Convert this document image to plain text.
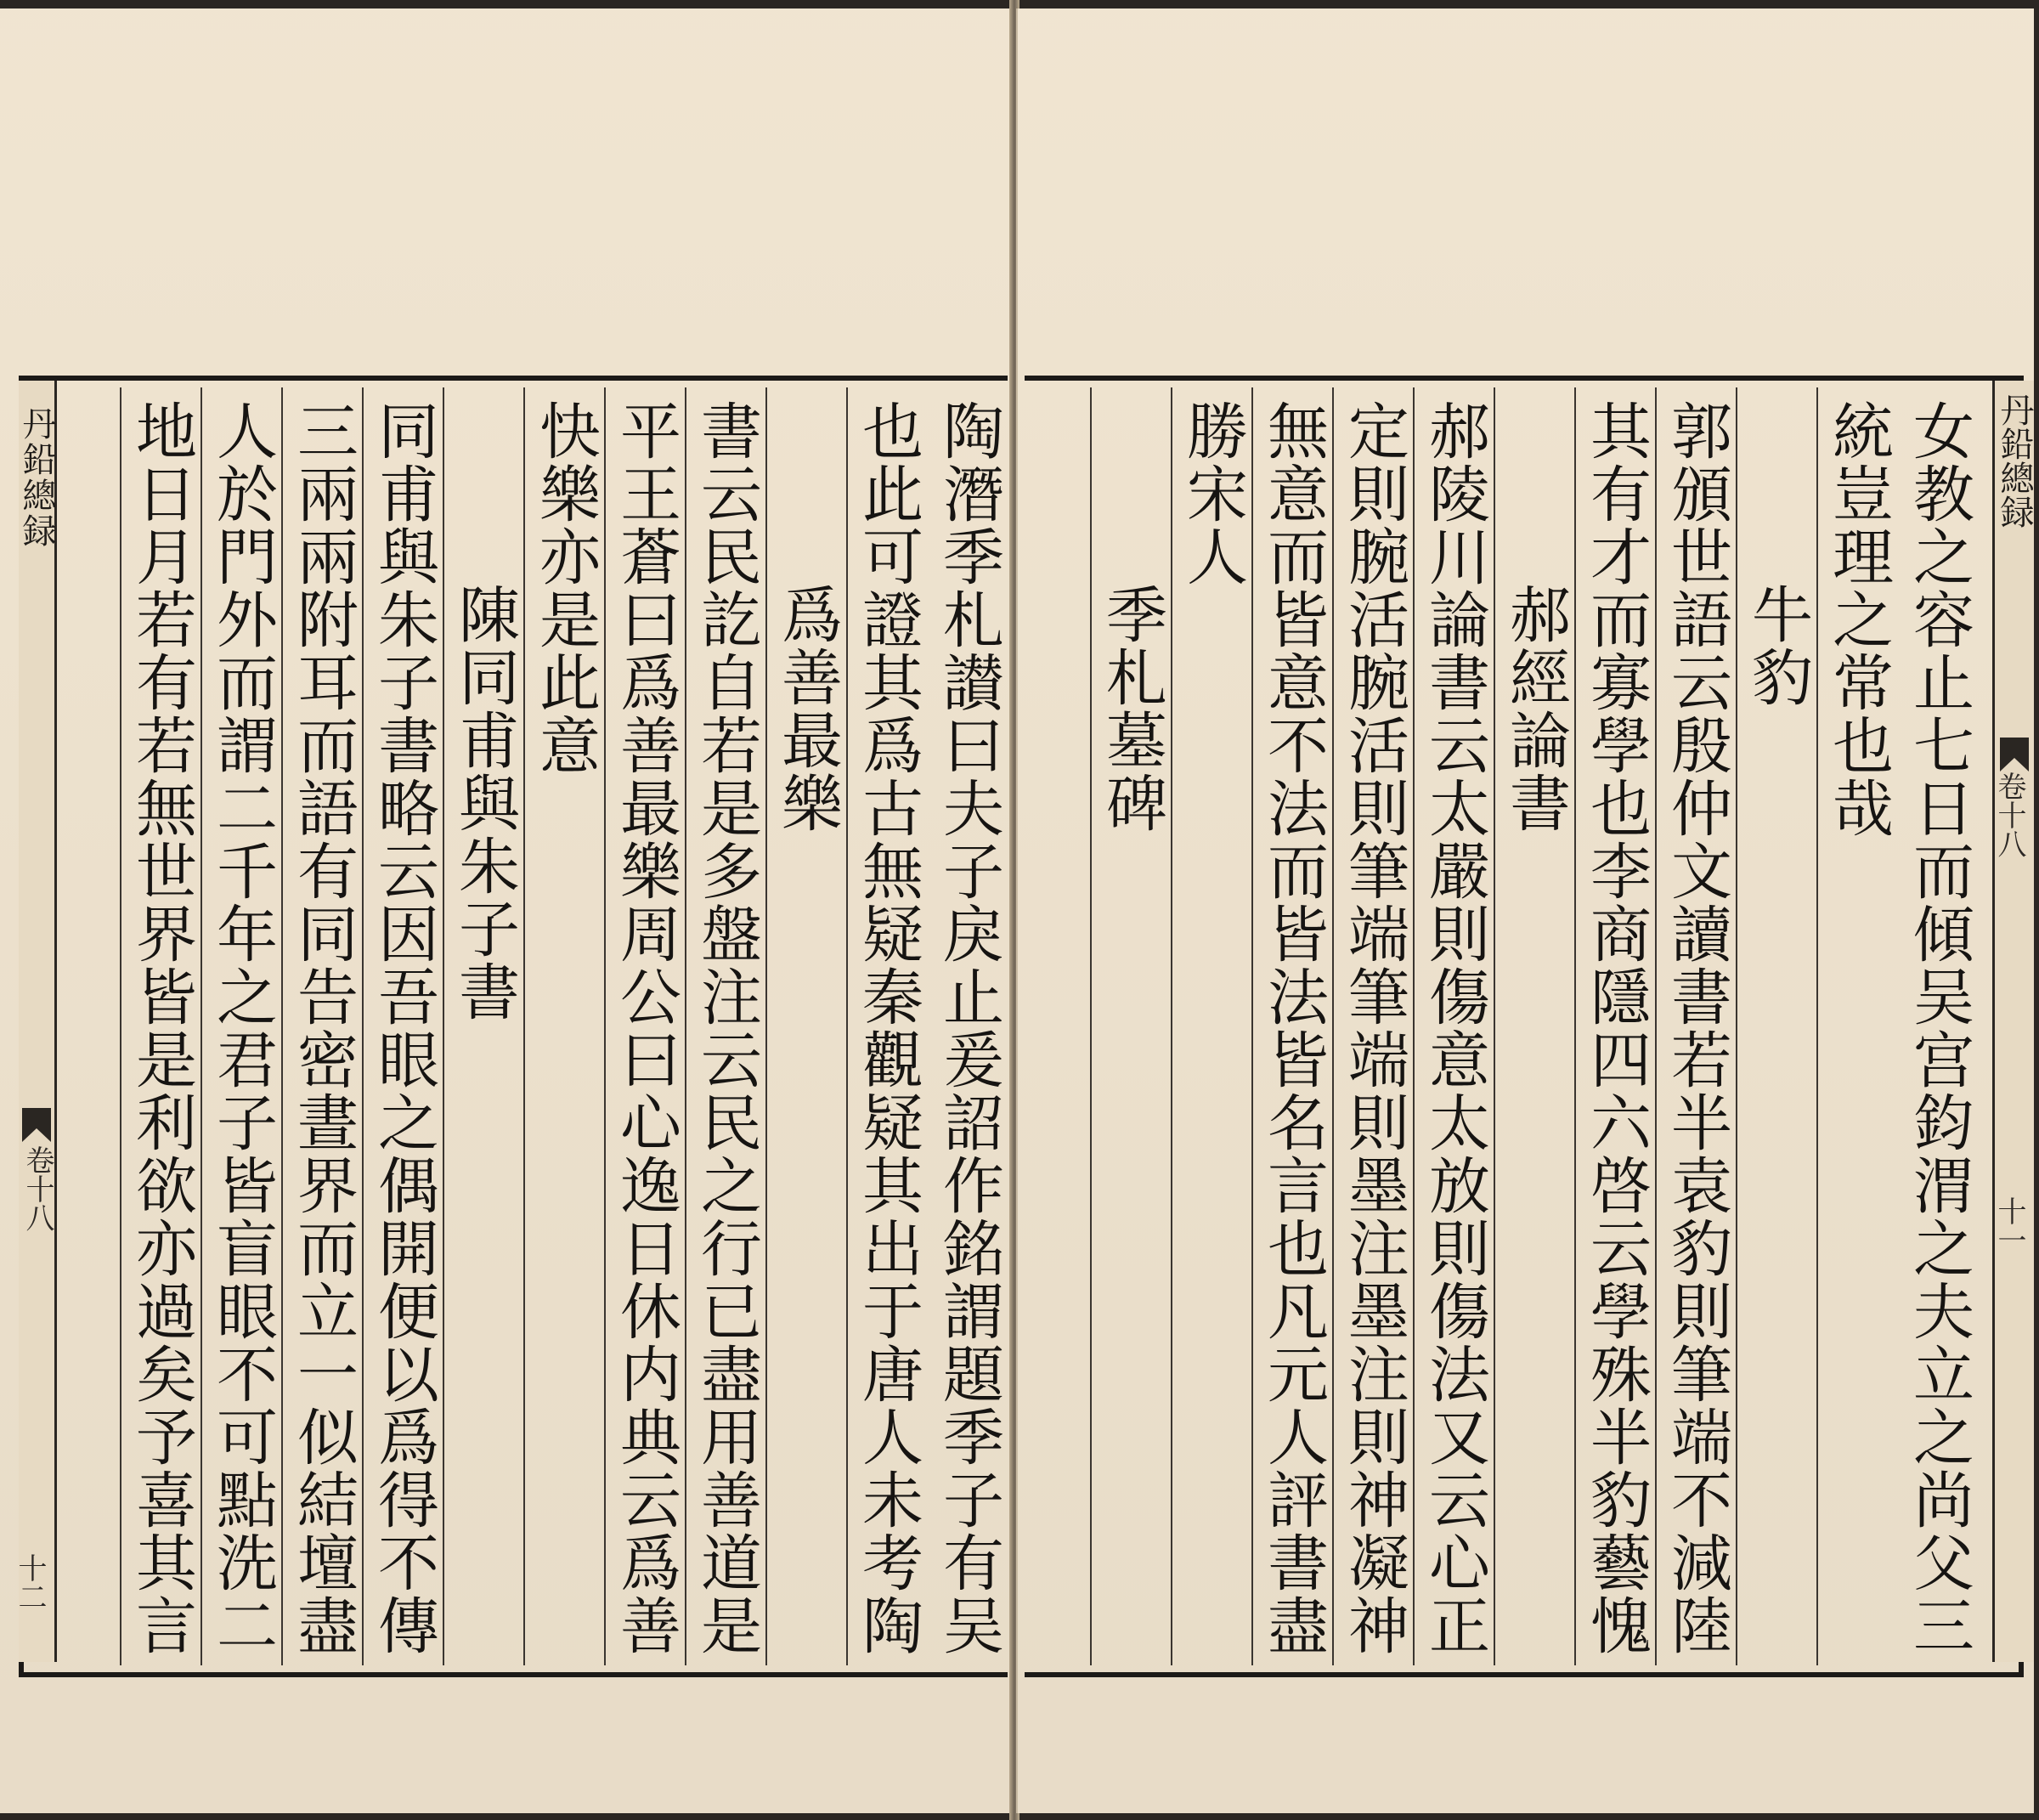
陶潛季札讃曰夫子戾止爰詔作銘謂題季子有吴
也此可證其爲古無疑秦觀疑其出于唐人未考陶
爲善最樂
書云民訖自若是多盤注云民之行已盡用善道是
平王蒼曰爲善最樂周公曰心逸日休内典云爲善
快樂亦是此意
陳同甫與朱子書
同甫與朱子書略云因吾眼之偶開便以爲得不傳
三兩兩附耳而語有同告密晝界而立一似結壇盡
人於門外而謂二千年之君子皆盲眼不可點洗二
地日月若有若無世界皆是利欲亦過矣予喜其言
丹鉛總録
卷十八
十二
女教之容止七日而傾吴宫鈞渭之夫立之尚父三
統豈理之常也哉
牛豹
郭頒世語云殷仲文讀書若半袁豹則筆端不減陸
其有才而寡學也李商隱四六啓云學殊半豹藝愧
郝經論書
郝陵川論書云太嚴則傷意太放則傷法又云心正
定則腕活腕活則筆端筆端則墨注墨注則神凝神
無意而皆意不法而皆法皆名言也凡元人評書盡
勝宋人
季札墓碑
丹鉛總録
卷十八
十一
